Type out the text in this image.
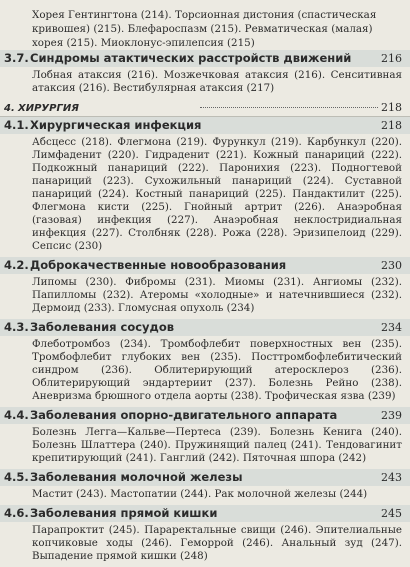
Хорея Гентингтона (214). Торсионная дистония (спастическая кривошея) (215). Блефароспазм (215). Ревматическая (малая) хорея (215). Миоклонус-эпилепсия (215)
3.7. Синдромы атактических расстройств движений	216
Лобная атаксия (216). Мозжечковая атаксия (216). Сенситивная атаксия (216). Вестибулярная атаксия (217)
4. ХИРУРГИЯ	218
4.1. Хирургическая инфекция	218
Абсцесс (218). Флегмона (219). Фурункул (219). Карбункул (220). Лимфаденит (220). Гидраденит (221). Кожный панариций (222). Подкожный панариций (222). Паронихия (223). Подногтевой панариций (223). Сухожильный панариций (224). Суставной панариций (224). Костный панариций (225). Пандактилит (225). Флегмона кисти (225). Гнойный артрит (226). Анаэробная (газовая) инфекция (227). Анаэробная неклостридиальная инфекция (227). Столбняк (228). Рожа (228). Эризипелоид (229). Сепсис (230)
4.2. Доброкачественные новообразования	230
Липомы (230). Фибромы (231). Миомы (231). Ангиомы (232). Папилломы (232). Атеромы «холодные» и натечнившиеся (232). Дермоид (233). Гломусная опухоль (234)
4.3. Заболевания сосудов	234
Флеботромбоз (234). Тромбофлебит поверхностных вен (235). Тромбофлебит глубоких вен (235). Посттромбофлебитический синдром (236). Облитерирующий атеросклероз (236). Облитерирующий эндартериит (237). Болезнь Рейно (238). Аневризма брюшного отдела аорты (238). Трофическая язва (239)
4.4. Заболевания опорно-двигательного аппарата	239
Болезнь Легга—Кальве—Пертеса (239). Болезнь Кенига (240). Болезнь Шлаттера (240). Пружинящий палец (241). Тендовагинит крепитирующий (241). Ганглий (242). Пяточная шпора (242)
4.5. Заболевания молочной железы	243
Мастит (243). Мастопатии (244). Рак молочной железы (244)
4.6. Заболевания прямой кишки	245
Парапроктит (245). Параректальные свищи (246). Эпителиальные копчиковые ходы (246). Геморрой (246). Анальный зуд (247). Выпадение прямой кишки (248)
